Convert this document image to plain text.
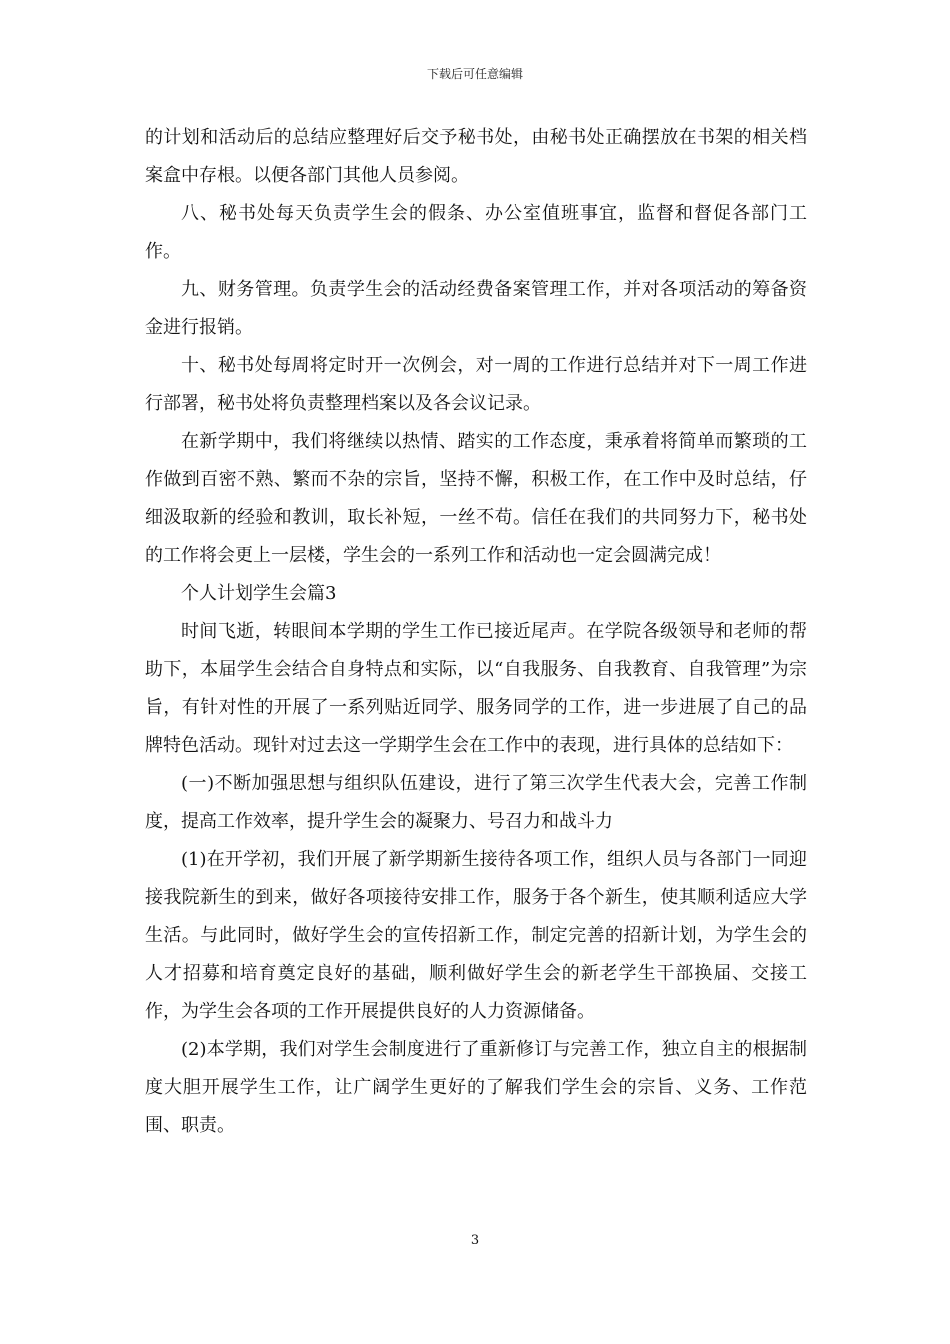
下载后可任意编辑

的计划和活动后的总结应整理好后交予秘书处，由秘书处正确摆放在书架的相关档案盒中存根。以便各部门其他人员参阅。

八、秘书处每天负责学生会的假条、办公室值班事宜，监督和督促各部门工作。

九、财务管理。负责学生会的活动经费备案管理工作，并对各项活动的筹备资金进行报销。

十、秘书处每周将定时开一次例会，对一周的工作进行总结并对下一周工作进行部署，秘书处将负责整理档案以及各会议记录。

在新学期中，我们将继续以热情、踏实的工作态度，秉承着将简单而繁琐的工作做到百密不熟、繁而不杂的宗旨，坚持不懈，积极工作，在工作中及时总结，仔细汲取新的经验和教训，取长补短，一丝不苟。信任在我们的共同努力下，秘书处的工作将会更上一层楼，学生会的一系列工作和活动也一定会圆满完成！

个人计划学生会篇3

时间飞逝，转眼间本学期的学生工作已接近尾声。在学院各级领导和老师的帮助下，本届学生会结合自身特点和实际，以“自我服务、自我教育、自我管理”为宗旨，有针对性的开展了一系列贴近同学、服务同学的工作，进一步进展了自己的品牌特色活动。现针对过去这一学期学生会在工作中的表现，进行具体的总结如下：

(一)不断加强思想与组织队伍建设，进行了第三次学生代表大会，完善工作制度，提高工作效率，提升学生会的凝聚力、号召力和战斗力

(1)在开学初，我们开展了新学期新生接待各项工作，组织人员与各部门一同迎接我院新生的到来，做好各项接待安排工作，服务于各个新生，使其顺利适应大学生活。与此同时，做好学生会的宣传招新工作，制定完善的招新计划，为学生会的人才招募和培育奠定良好的基础，顺利做好学生会的新老学生干部换届、交接工作，为学生会各项的工作开展提供良好的人力资源储备。

(2)本学期，我们对学生会制度进行了重新修订与完善工作，独立自主的根据制度大胆开展学生工作，让广阔学生更好的了解我们学生会的宗旨、义务、工作范围、职责。

3
